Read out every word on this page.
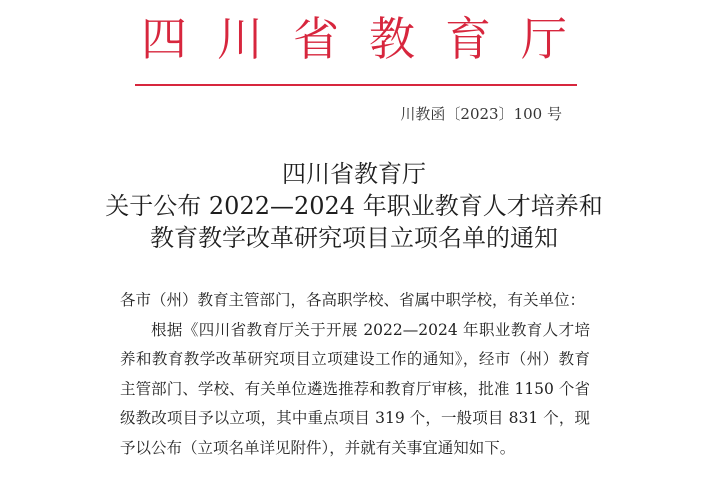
四川省教育厅
川教函〔2023〕100 号
四川省教育厅
关于公布 2022—2024 年职业教育人才培养和
教育教学改革研究项目立项名单的通知
各市（州）教育主管部门，各高职学校、省属中职学校，有关单位：
根据《四川省教育厅关于开展 2022—2024 年职业教育人才培养和教育教学改革研究项目立项建设工作的通知》，经市（州）教育主管部门、学校、有关单位遴选推荐和教育厅审核，批准 1150 个省级教改项目予以立项，其中重点项目 319 个，一般项目 831 个，现予以公布（立项名单详见附件），并就有关事宜通知如下。
